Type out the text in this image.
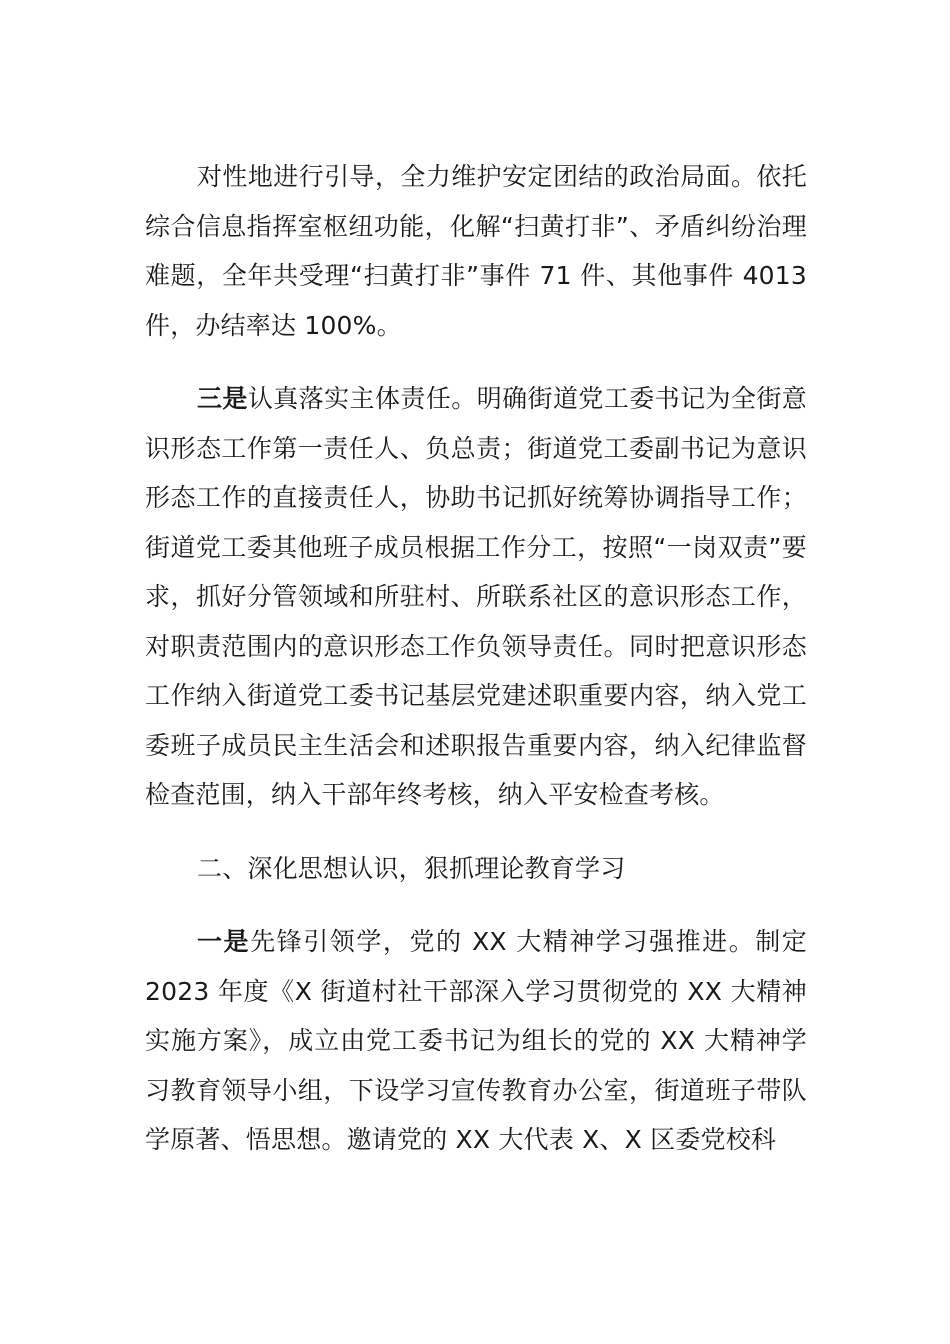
对性地进行引导，全力维护安定团结的政治局面。依托综合信息指挥室枢纽功能，化解“扫黄打非”、矛盾纠纷治理难题，全年共受理“扫黄打非”事件 71 件、其他事件 4013 件，办结率达 100%。

三是认真落实主体责任。明确街道党工委书记为全街意识形态工作第一责任人、负总责；街道党工委副书记为意识形态工作的直接责任人，协助书记抓好统筹协调指导工作；街道党工委其他班子成员根据工作分工，按照“一岗双责”要求，抓好分管领域和所驻村、所联系社区的意识形态工作，对职责范围内的意识形态工作负领导责任。同时把意识形态工作纳入街道党工委书记基层党建述职重要内容，纳入党工委班子成员民主生活会和述职报告重要内容，纳入纪律监督检查范围，纳入干部年终考核，纳入平安检查考核。

二、深化思想认识，狠抓理论教育学习

一是先锋引领学，党的 XX 大精神学习强推进。制定 2023 年度《X 街道村社干部深入学习贯彻党的 XX 大精神实施方案》，成立由党工委书记为组长的党的 XX 大精神学习教育领导小组，下设学习宣传教育办公室，街道班子带队学原著、悟思想。邀请党的 XX 大代表 X、X 区委党校科
